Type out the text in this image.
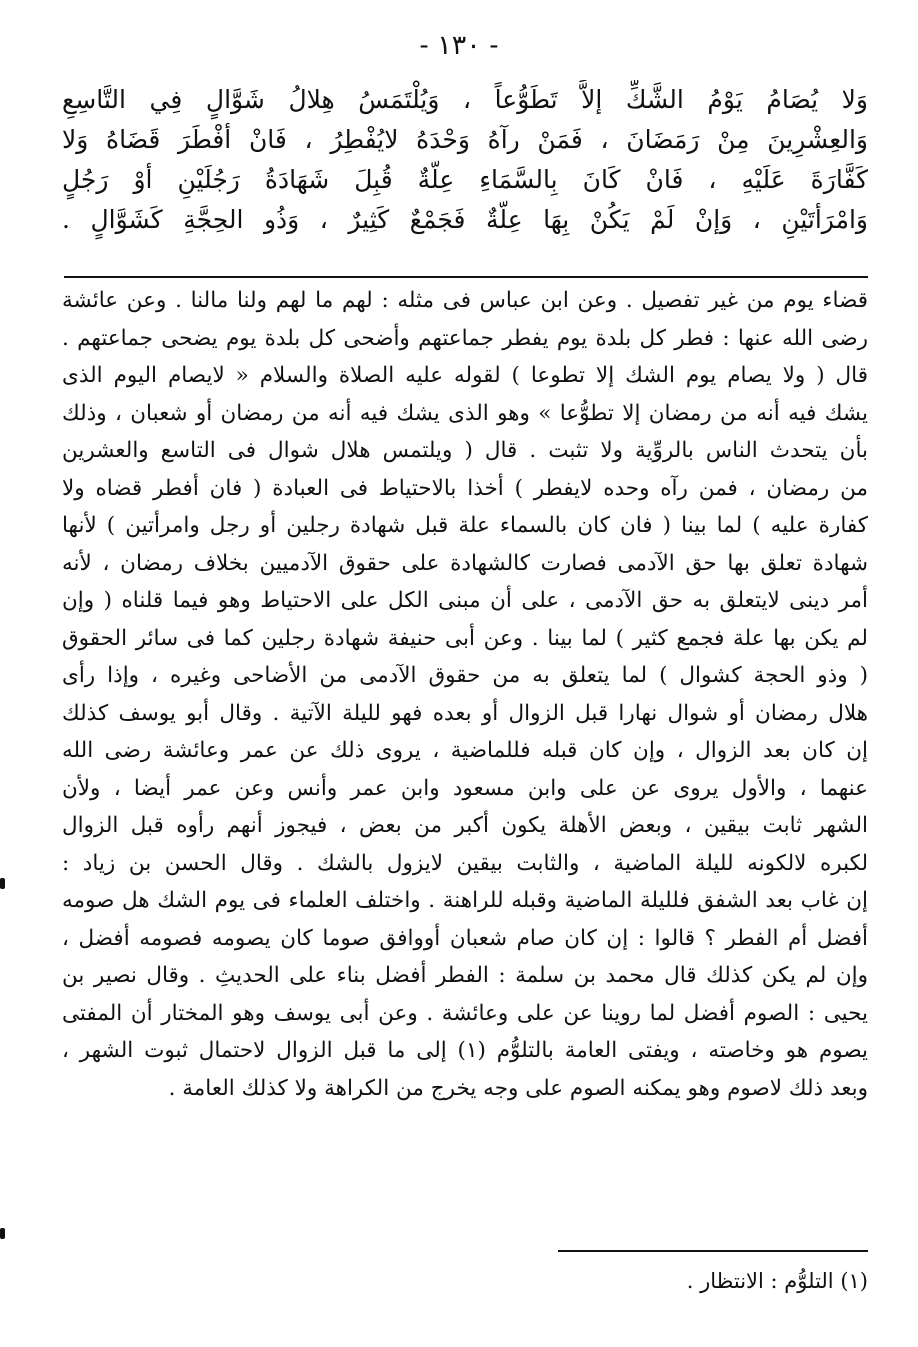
- ١٣٠ -
وَلا يُصَامُ يَوْمُ الشَّكِّ إلاَّ تَطَوُّعاً ، وَيُلْتَمَسُ هِلالُ شَوَّالٍ فِي التَّاسِعِ
وَالعِشْرِينَ مِنْ رَمَضَانَ ، فَمَنْ رآهُ وَحْدَهُ لايُفْطِرُ ، فَانْ أفْطَرَ قَضَاهُ وَلا
كَفَّارَةَ عَلَيْهِ ، فَانْ كَانَ بِالسَّمَاءِ عِلَّةٌ قُبِلَ شَهَادَةُ رَجُلَيْنِ أوْ رَجُلٍ
وَامْرَأتَيْنِ ، وَإنْ لَمْ يَكُنْ بِهَا عِلَّةٌ فَجَمْعٌ كَثِيرٌ ، وَذُو الحِجَّةِ كَشَوَّالٍ .
قضاء يوم من غير تفصيل . وعن ابن عباس فى مثله : لهم ما لهم ولنا مالنا . وعن عائشة
رضى الله عنها : فطر كل بلدة يوم يفطر جماعتهم وأضحى كل بلدة يوم يضحى جماعتهم .
قال ( ولا يصام يوم الشك إلا تطوعا ) لقوله عليه الصلاة والسلام « لايصام اليوم الذى
يشك فيه أنه من رمضان إلا تطوُّعا » وهو الذى يشك فيه أنه من رمضان أو شعبان ، وذلك
بأن يتحدث الناس بالروِّية ولا تثبت . قال ( ويلتمس هلال شوال فى التاسع والعشرين
من رمضان ، فمن رآه وحده لايفطر ) أخذا بالاحتياط فى العبادة ( فان أفطر قضاه ولا
كفارة عليه ) لما بينا ( فان كان بالسماء علة قبل شهادة رجلين أو رجل وامرأتين ) لأنها
شهادة تعلق بها حق الآدمى فصارت كالشهادة على حقوق الآدميين بخلاف رمضان ، لأنه
أمر دينى لايتعلق به حق الآدمى ، على أن مبنى الكل على الاحتياط وهو فيما قلناه ( وإن
لم يكن بها علة فجمع كثير ) لما بينا . وعن أبى حنيفة شهادة رجلين كما فى سائر الحقوق
( وذو الحجة كشوال ) لما يتعلق به من حقوق الآدمى من الأضاحى وغيره ، وإذا رأى
هلال رمضان أو شوال نهارا قبل الزوال أو بعده فهو لليلة الآتية . وقال أبو يوسف كذلك
إن كان بعد الزوال ، وإن كان قبله فللماضية ، يروى ذلك عن عمر وعائشة رضى الله
عنهما ، والأول يروى عن على وابن مسعود وابن عمر وأنس وعن عمر أيضا ، ولأن
الشهر ثابت بيقين ، وبعض الأهلة يكون أكبر من بعض ، فيجوز أنهم رأوه قبل الزوال
لكبره لالكونه لليلة الماضية ، والثابت بيقين لايزول بالشك . وقال الحسن بن زياد :
إن غاب بعد الشفق فلليلة الماضية وقبله للراهنة . واختلف العلماء فى يوم الشك هل صومه
أفضل أم الفطر ؟ قالوا : إن كان صام شعبان أووافق صوما كان يصومه فصومه أفضل ،
وإن لم يكن كذلك قال محمد بن سلمة : الفطر أفضل بناء على الحديثِ . وقال نصير بن
يحيى : الصوم أفضل لما روينا عن على وعائشة . وعن أبى يوسف وهو المختار أن المفتى
يصوم هو وخاصته ، ويفتى العامة بالتلوُّم (١) إلى ما قبل الزوال لاحتمال ثبوت الشهر ،
وبعد ذلك لاصوم وهو يمكنه الصوم على وجه يخرج من الكراهة ولا كذلك العامة .
(١) التلوُّم : الانتظار .
